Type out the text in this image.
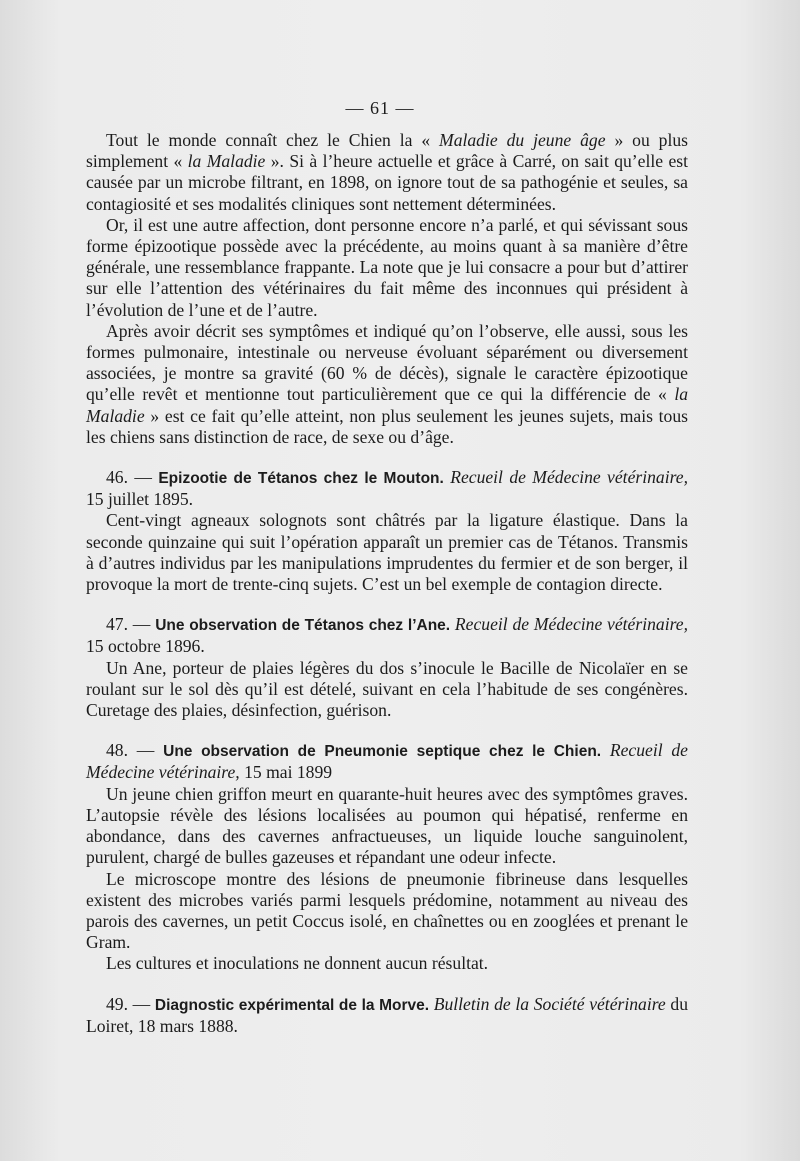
— 61 —

Tout le monde connaît chez le Chien la « Maladie du jeune âge » ou plus simplement « la Maladie ». Si à l’heure actuelle et grâce à Carré, on sait qu’elle est causée par un microbe filtrant, en 1898, on ignore tout de sa pathogénie et seules, sa contagiosité et ses modalités cliniques sont nettement déterminées.

Or, il est une autre affection, dont personne encore n’a parlé, et qui sévissant sous forme épizootique possède avec la précédente, au moins quant à sa manière d’être générale, une ressemblance frappante. La note que je lui consacre a pour but d’attirer sur elle l’attention des vétérinaires du fait même des inconnues qui président à l’évolution de l’une et de l’autre.

Après avoir décrit ses symptômes et indiqué qu’on l’observe, elle aussi, sous les formes pulmonaire, intestinale ou nerveuse évoluant séparément ou diversement associées, je montre sa gravité (60 % de décès), signale le caractère épizootique qu’elle revêt et mentionne tout particulièrement que ce qui la différencie de « la Maladie » est ce fait qu’elle atteint, non plus seulement les jeunes sujets, mais tous les chiens sans distinction de race, de sexe ou d’âge.

46. — Epizootie de Tétanos chez le Mouton. Recueil de Médecine vétérinaire, 15 juillet 1895.

Cent-vingt agneaux solognots sont châtrés par la ligature élastique. Dans la seconde quinzaine qui suit l’opération apparaît un premier cas de Tétanos. Transmis à d’autres individus par les manipulations imprudentes du fermier et de son berger, il provoque la mort de trente-cinq sujets. C’est un bel exemple de contagion directe.

47. — Une observation de Tétanos chez l’Ane. Recueil de Médecine vétérinaire, 15 octobre 1896.

Un Ane, porteur de plaies légères du dos s’inocule le Bacille de Nicolaïer en se roulant sur le sol dès qu’il est dételé, suivant en cela l’habitude de ses congénères. Curetage des plaies, désinfection, guérison.

48. — Une observation de Pneumonie septique chez le Chien. Recueil de Médecine vétérinaire, 15 mai 1899

Un jeune chien griffon meurt en quarante-huit heures avec des symptômes graves. L’autopsie révèle des lésions localisées au poumon qui hépatisé, renferme en abondance, dans des cavernes anfractueuses, un liquide louche sanguinolent, purulent, chargé de bulles gazeuses et répandant une odeur infecte.

Le microscope montre des lésions de pneumonie fibrineuse dans lesquelles existent des microbes variés parmi lesquels prédomine, notamment au niveau des parois des cavernes, un petit Coccus isolé, en chaînettes ou en zooglées et prenant le Gram.

Les cultures et inoculations ne donnent aucun résultat.

49. — Diagnostic expérimental de la Morve. Bulletin de la Société vétérinaire du Loiret, 18 mars 1888.
